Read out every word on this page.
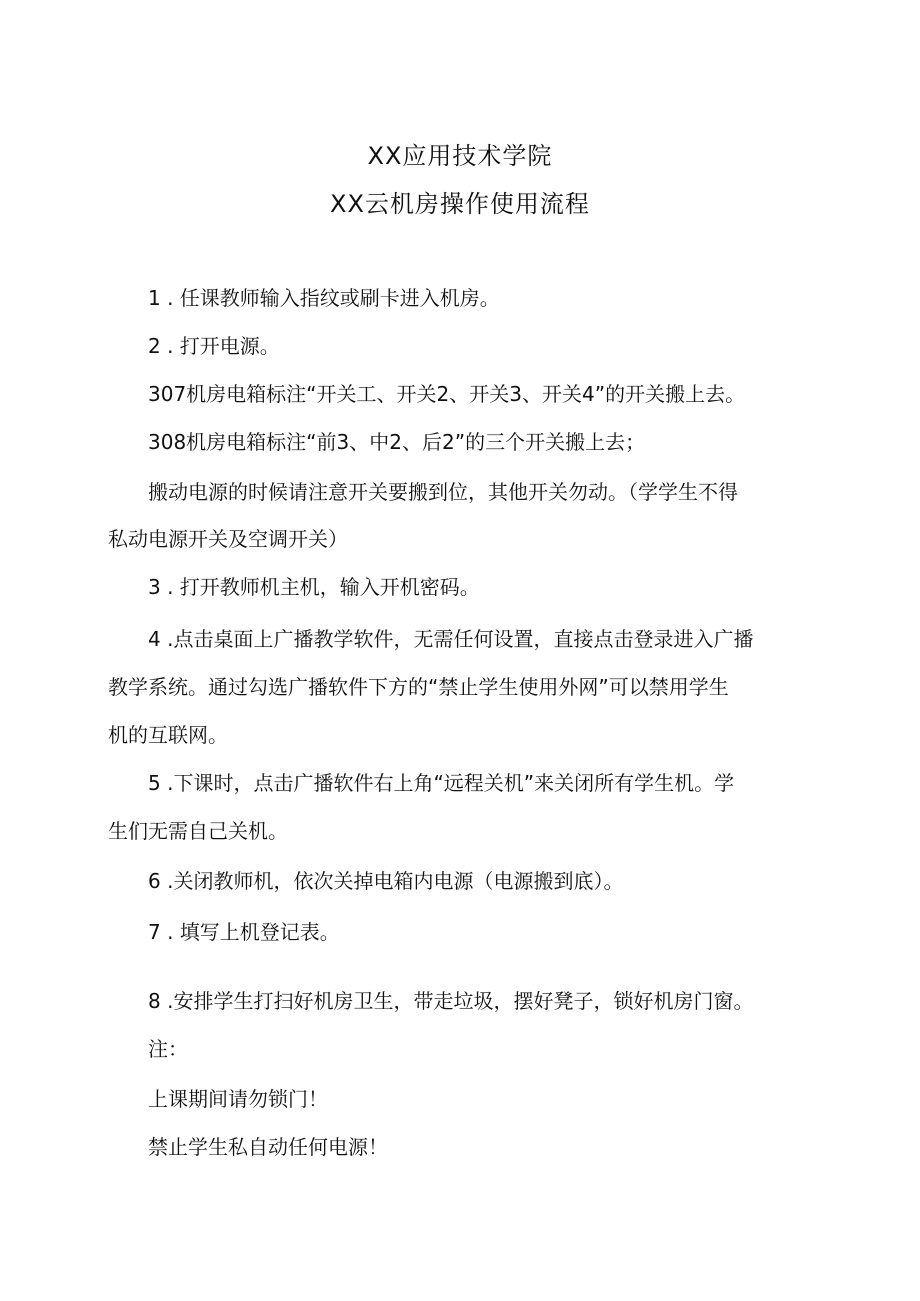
XX应用技术学院
XX云机房操作使用流程

1 . 任课教师输入指纹或刷卡进入机房。

2 . 打开电源。

307机房电箱标注“开关工、开关2、开关3、开关4”的开关搬上去。

308机房电箱标注“前3、中2、后2”的三个开关搬上去；

搬动电源的时候请注意开关要搬到位，其他开关勿动。（学学生不得

私动电源开关及空调开关）

3 . 打开教师机主机，输入开机密码。

4 .点击桌面上广播教学软件，无需任何设置，直接点击登录进入广播

教学系统。通过勾选广播软件下方的“禁止学生使用外网”可以禁用学生

机的互联网。

5 .下课时，点击广播软件右上角“远程关机”来关闭所有学生机。学

生们无需自己关机。

6 .关闭教师机，依次关掉电箱内电源（电源搬到底）。

7 . 填写上机登记表。

8 .安排学生打扫好机房卫生，带走垃圾，摆好凳子，锁好机房门窗。

注：

上课期间请勿锁门！

禁止学生私自动任何电源！
